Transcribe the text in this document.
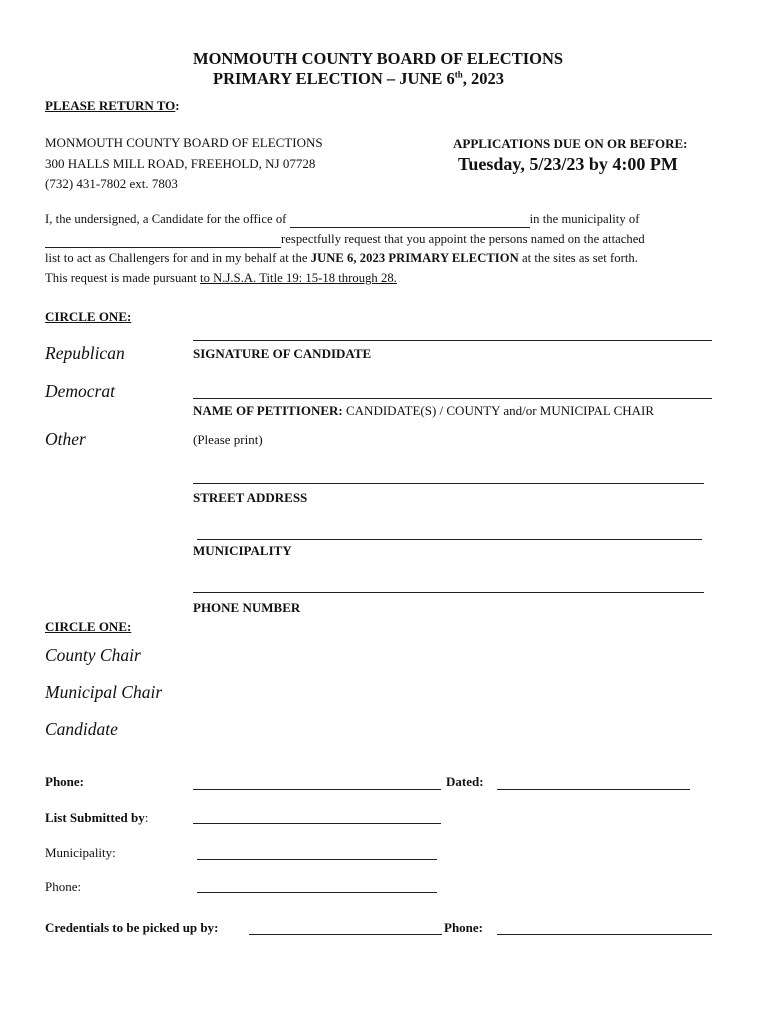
MONMOUTH COUNTY BOARD OF ELECTIONS
PRIMARY ELECTION – JUNE 6th, 2023
PLEASE RETURN TO:
MONMOUTH COUNTY BOARD OF ELECTIONS
300 HALLS MILL ROAD, FREEHOLD, NJ 07728
(732) 431-7802 ext. 7803
APPLICATIONS DUE ON OR BEFORE:
Tuesday, 5/23/23 by 4:00 PM
I, the undersigned, a Candidate for the office of	in the municipality of
respectfully request that you appoint the persons named on the attached
list to act as Challengers for and in my behalf at the JUNE 6, 2023 PRIMARY ELECTION at the sites as set forth.
This request is made pursuant to N.J.S.A. Title 19: 15-18 through 28.
CIRCLE ONE:
Republican
Democrat
Other
SIGNATURE OF CANDIDATE
NAME OF PETITIONER: CANDIDATE(S) / COUNTY and/or MUNICIPAL CHAIR
(Please print)
STREET ADDRESS
MUNICIPALITY
PHONE NUMBER
CIRCLE ONE:
County Chair
Municipal Chair
Candidate
Phone:	Dated:
List Submitted by:
Municipality:
Phone:
Credentials to be picked up by:	Phone:
